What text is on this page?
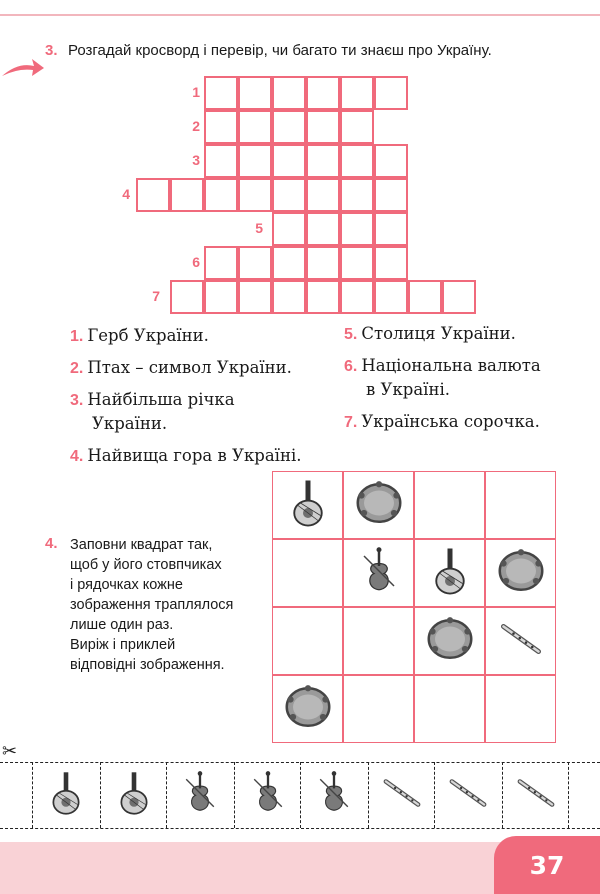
3. Розгадай кросворд і перевір, чи багато ти знаєш про Україну.
1
2
3
4
5
6
7
1. Герб України.
2. Птах – символ України.
3. Найбільша річка
України.
4. Найвища гора в Україні.
5. Столиця України.
6. Національна валюта
в Україні.
7. Українська сорочка.
4. Заповни квадрат так,
щоб у його стовпчиках
і рядочках кожне
зображення траплялося
лише один раз.
Виріж і приклей
відповідні зображення.
✂
37
